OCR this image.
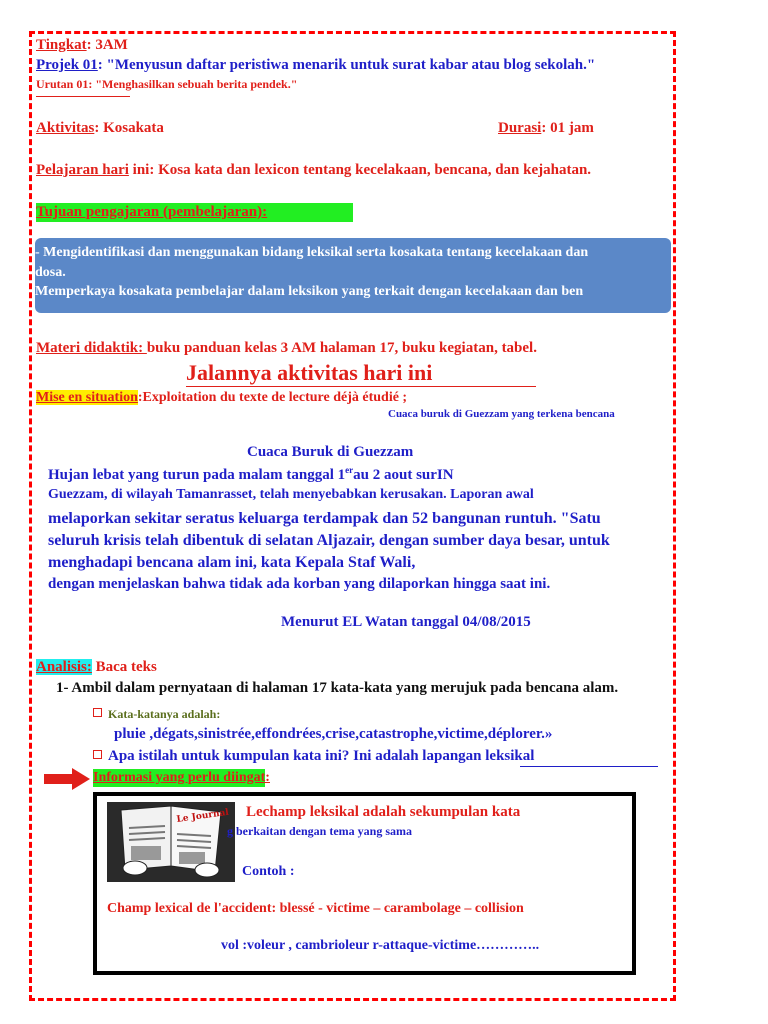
Tingkat: 3AM
Projek 01: "Menyusun daftar peristiwa menarik untuk surat kabar atau blog sekolah."
Urutan 01: "Menghasilkan sebuah berita pendek."
Aktivitas: Kosakata	Durasi: 01 jam
Pelajaran hari ini: Kosa kata dan lexicon tentang kecelakaan, bencana, dan kejahatan.
Tujuan pengajaran (pembelajaran):
- Mengidentifikasi dan menggunakan bidang leksikal serta kosakata tentang kecelakaan dan
dosa.
Memperkaya kosakata pembelajar dalam leksikon yang terkait dengan kecelakaan dan ben
Materi didaktik: buku panduan kelas 3 AM halaman 17, buku kegiatan, tabel.
Jalannya aktivitas hari ini
Mise en situation:Exploitation du texte de lecture déjà étudié ;
Cuaca buruk di Guezzam yang terkena bencana
Cuaca Buruk di Guezzam
Hujan lebat yang turun pada malam tanggal 1erau 2 aout surIN
Guezzam, di wilayah Tamanrasset, telah menyebabkan kerusakan. Laporan awal
melaporkan sekitar seratus keluarga terdampak dan 52 bangunan runtuh. "Satu
seluruh krisis telah dibentuk di selatan Aljazair, dengan sumber daya besar, untuk
menghadapi bencana alam ini, kata Kepala Staf Wali,
dengan menjelaskan bahwa tidak ada korban yang dilaporkan hingga saat ini.
Menurut EL Watan tanggal 04/08/2015
Analisis: Baca teks
1- Ambil dalam pernyataan di halaman 17 kata-kata yang merujuk pada bencana alam.
Kata-katanya adalah:
pluie ,dégats,sinistrée,effondrées,crise,catastrophe,victime,déplorer.»
Apa istilah untuk kumpulan kata ini? Ini adalah lapangan leksikal
Informasi yang perlu diingat:
Le Journal Lechamp leksikal adalah sekumpulan kata
g berkaitan dengan tema yang sama
Contoh :
Champ lexical de l'accident: blessé - victime – carambolage – collision
vol :voleur , cambrioleur r-attaque-victime…………..
